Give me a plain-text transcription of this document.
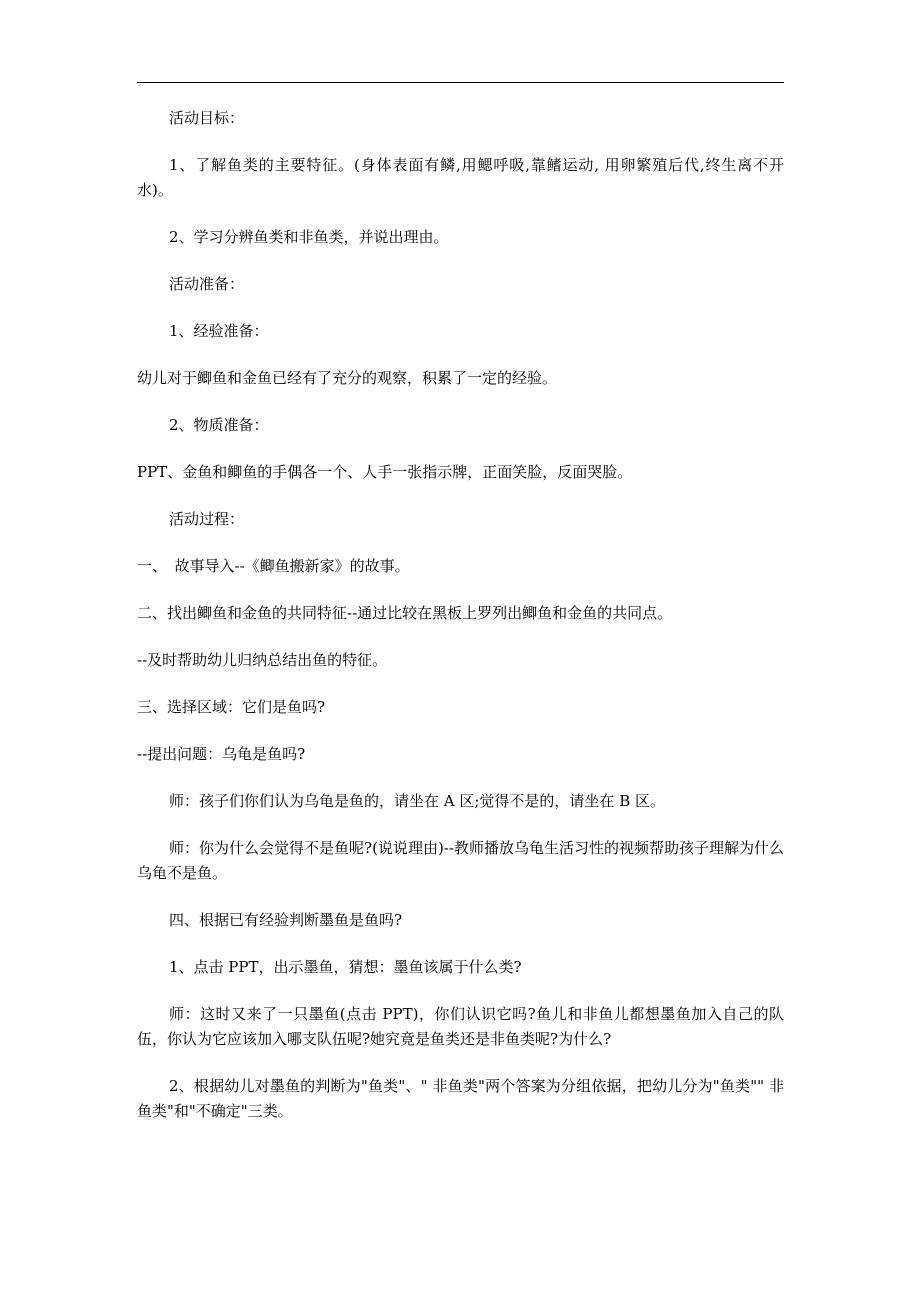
活动目标：

1、了解鱼类的主要特征。(身体表面有鳞,用鳃呼吸,靠鳍运动, 用卵繁殖后代,终生离不开水)。

2、学习分辨鱼类和非鱼类，并说出理由。

活动准备：

1、经验准备：

幼儿对于鲫鱼和金鱼已经有了充分的观察，积累了一定的经验。

2、物质准备：

PPT、金鱼和鲫鱼的手偶各一个、人手一张指示牌，正面笑脸，反面哭脸。

活动过程：

一、　故事导入--《鲫鱼搬新家》的故事。

二、找出鲫鱼和金鱼的共同特征--通过比较在黑板上罗列出鲫鱼和金鱼的共同点。

--及时帮助幼儿归纳总结出鱼的特征。

三、选择区域：它们是鱼吗?

--提出问题：乌龟是鱼吗?

师：孩子们你们认为乌龟是鱼的，请坐在 A 区;觉得不是的，请坐在 B 区。

师：你为什么会觉得不是鱼呢?(说说理由)--教师播放乌龟生活习性的视频帮助孩子理解为什么乌龟不是鱼。

四、根据已有经验判断墨鱼是鱼吗?

1、点击 PPT，出示墨鱼，猜想：墨鱼该属于什么类?

师：这时又来了一只墨鱼(点击 PPT)，你们认识它吗?鱼儿和非鱼儿都想墨鱼加入自己的队伍，你认为它应该加入哪支队伍呢?她究竟是鱼类还是非鱼类呢?为什么?

2、根据幼儿对墨鱼的判断为"鱼类"、" 非鱼类"两个答案为分组依据，把幼儿分为"鱼类"" 非鱼类"和"不确定"三类。
